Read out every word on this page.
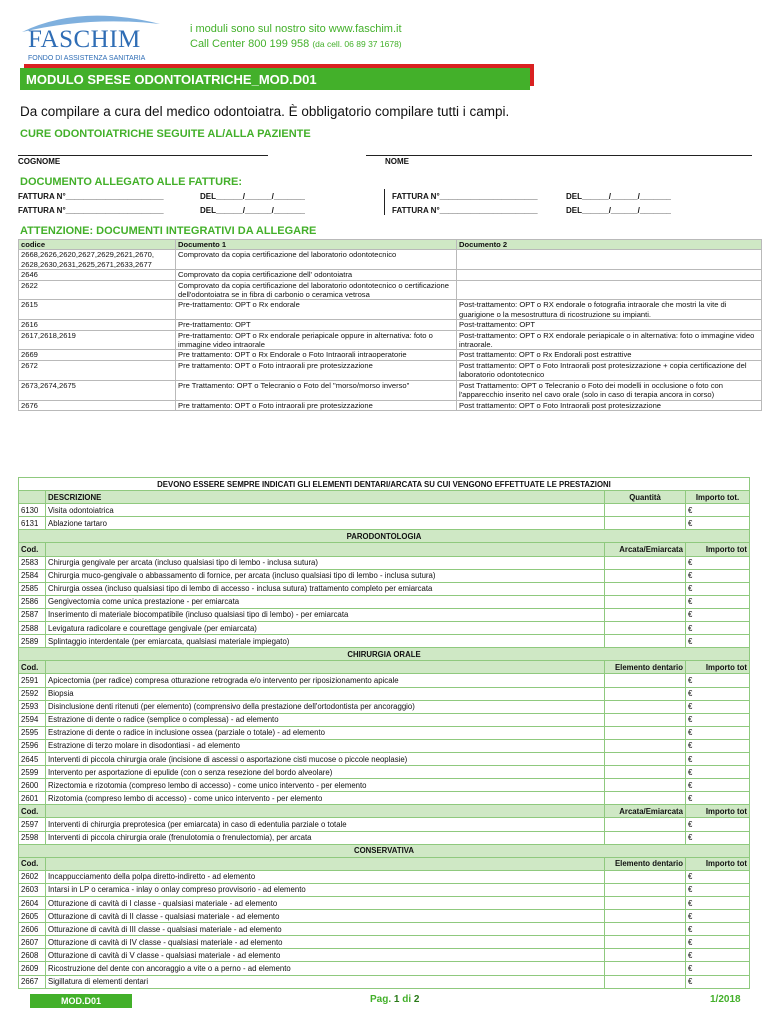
FASCHIM
FONDO DI ASSISTENZA SANITARIA
i moduli sono sul nostro sito www.faschim.it
Call Center 800 199 958 (da cell. 06 89 37 1678)
MODULO SPESE ODONTOIATRICHE_MOD.D01
Da compilare a cura del medico odontoiatra. È obbligatorio compilare tutti i campi.
CURE ODONTOIATRICHE SEGUITE AL/ALLA PAZIENTE
COGNOME	NOME
DOCUMENTO ALLEGATO ALLE FATTURE:
FATTURA N°______________________	DEL______/______/_______
FATTURA N°______________________	DEL______/______/_______
FATTURA N°______________________	DEL______/______/_______
FATTURA N°______________________	DEL______/______/_______
ATTENZIONE: DOCUMENTI INTEGRATIVI DA ALLEGARE
codice	Documento 1	Documento 2
2668,2626,2620,2627,2629,2621,2670, 2628,2630,2631,2625,2671,2633,2677	Comprovato da copia certificazione del laboratorio odontotecnico	
2646	Comprovato da copia certificazione dell' odontoiatra	
2622	Comprovato da copia certificazione del laboratorio odontotecnico o certificazione dell'odontoiatra se in fibra di carbonio o ceramica vetrosa	
2615	Pre-trattamento: OPT o Rx endorale	Post-trattamento: OPT o RX endorale o fotografia intraorale che mostri la vite di guarigione o la mesostruttura di ricostruzione su impianti.
2616	Pre-trattamento: OPT	Post-trattamento: OPT
2617,2618,2619	Pre-trattamento: OPT o Rx endorale periapicale oppure in alternativa: foto o immagine video intraorale	Post-trattamento: OPT o RX endorale periapicale o in alternativa: foto o immagine video intraorale.
2669	Pre trattamento: OPT o Rx Endorale o Foto Intraorali intraoperatorie	Post trattamento: OPT o Rx Endorali post estrattive
2672	Pre trattamento: OPT o Foto intraorali pre protesizzazione	Post trattamento: OPT o Foto Intraorali post protesizzazione + copia certificazione del laboratorio odontotecnico
2673,2674,2675	Pre Trattamento: OPT o Telecranio o Foto del "morso/morso inverso"	Post Trattamento: OPT o Telecranio o Foto dei modelli in occlusione o foto con l'apparecchio inserito nel cavo orale (solo in caso di terapia ancora in corso)
2676	Pre trattamento: OPT o Foto intraorali pre protesizzazione	Post trattamento: OPT o Foto Intraorali post protesizzazione
DEVONO ESSERE SEMPRE INDICATI GLI ELEMENTI DENTARI/ARCATA SU CUI VENGONO EFFETTUATE LE PRESTAZIONI			
	DESCRIZIONE	Quantità	Importo tot.
6130	Visita odontoiatrica		€
6131	Ablazione tartaro		€
PARODONTOLOGIA			
Cod.		Arcata/Emiarcata	Importo tot
2583	Chirurgia gengivale per arcata (incluso qualsiasi tipo di lembo - inclusa sutura)		€
2584	Chirurgia muco-gengivale o abbassamento di fornice, per arcata (incluso qualsiasi tipo di lembo - inclusa sutura)		€
2585	Chirurgia ossea (incluso qualsiasi tipo di lembo di accesso - inclusa sutura) trattamento completo per emiarcata		€
2586	Gengivectomia come unica prestazione - per emiarcata		€
2587	Inserimento di materiale biocompatibile (incluso qualsiasi tipo di lembo) - per emiarcata		€
2588	Levigatura radicolare e courettage gengivale (per emiarcata)		€
2589	Splintaggio interdentale (per emiarcata, qualsiasi materiale impiegato)		€
CHIRURGIA ORALE			
Cod.		Elemento dentario	Importo tot
2591	Apicectomia (per radice) compresa otturazione retrograda e/o intervento per riposizionamento apicale		€
2592	Biopsia		€
2593	Disinclusione denti ritenuti (per elemento) (comprensivo della prestazione dell'ortodontista per ancoraggio)		€
2594	Estrazione di dente o radice (semplice o complessa) - ad elemento		€
2595	Estrazione di dente o radice in inclusione ossea (parziale o totale) - ad elemento		€
2596	Estrazione di terzo molare in disodontiasi - ad elemento		€
2645	Interventi di piccola chirurgia orale (incisione di ascessi o asportazione cisti mucose o piccole neoplasie)		€
2599	Intervento per asportazione di epulide (con o senza resezione del bordo alveolare)		€
2600	Rizectomia e rizotomia (compreso lembo di accesso) - come unico intervento - per elemento		€
2601	Rizotomia (compreso lembo di accesso) - come unico intervento - per elemento		€
Cod.		Arcata/Emiarcata	Importo tot
2597	Interventi di chirurgia preprotesica (per emiarcata) in caso di edentulia parziale o totale		€
2598	Interventi di piccola chirurgia orale (frenulotomia o frenulectomia), per arcata		€
CONSERVATIVA			
Cod.		Elemento dentario	Importo tot
2602	Incappucciamento della polpa diretto-indiretto - ad elemento		€
2603	Intarsi in LP o ceramica - inlay o onlay compreso provvisorio - ad elemento		€
2604	Otturazione di cavità di I classe - qualsiasi materiale - ad elemento		€
2605	Otturazione di cavità di II classe - qualsiasi materiale - ad elemento		€
2606	Otturazione di cavità di III classe - qualsiasi materiale - ad elemento		€
2607	Otturazione di cavità di IV classe - qualsiasi materiale - ad elemento		€
2608	Otturazione di cavità di V classe - qualsiasi materiale - ad elemento		€
2609	Ricostruzione del dente con ancoraggio a vite o a perno - ad elemento		€
2667	Sigillatura di elementi dentari		€
MOD.D01	Pag. 1 di 2	1/2018
